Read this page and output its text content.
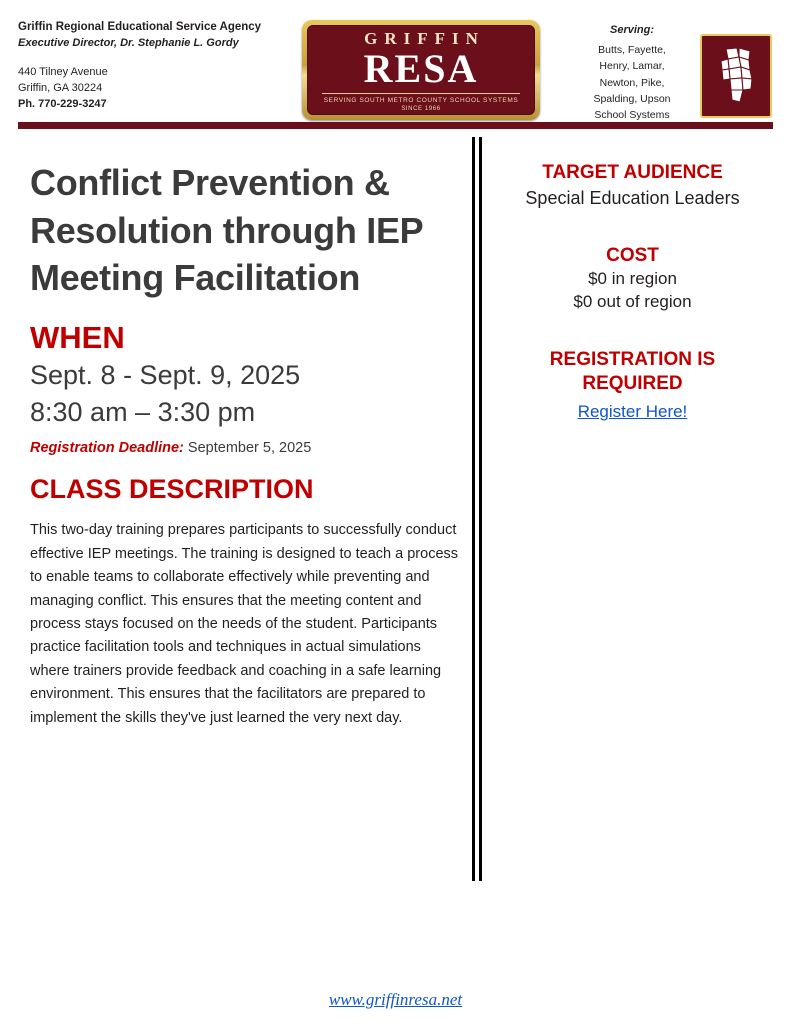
Griffin Regional Educational Service Agency
Executive Director, Dr. Stephanie L. Gordy
440 Tilney Avenue
Griffin, GA 30224
Ph. 770-229-3247
GRIFFIN
RESA
SERVING SOUTH METRO COUNTY SCHOOL SYSTEMS
SINCE 1966
Serving:
Butts, Fayette,
Henry, Lamar,
Newton, Pike,
Spalding, Upson
School Systems
Conflict Prevention & Resolution through IEP Meeting Facilitation
WHEN
Sept. 8 - Sept. 9, 2025
8:30 am – 3:30 pm
Registration Deadline: September 5, 2025
CLASS DESCRIPTION
This two-day training prepares participants to successfully conduct effective IEP meetings. The training is designed to teach a process to enable teams to collaborate effectively while preventing and managing conflict. This ensures that the meeting content and process stays focused on the needs of the student. Participants practice facilitation tools and techniques in actual simulations where trainers provide feedback and coaching in a safe learning environment. This ensures that the facilitators are prepared to implement the skills they've just learned the very next day.
TARGET AUDIENCE
Special Education Leaders
COST
$0 in region
$0 out of region
REGISTRATION IS
REQUIRED
Register Here!
www.griffinresa.net
